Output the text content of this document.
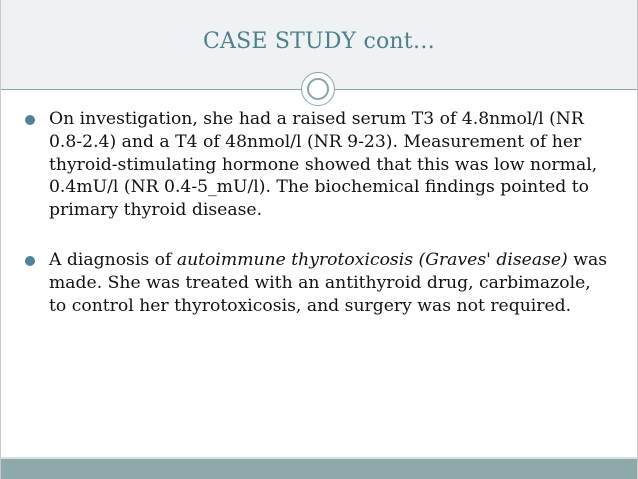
CASE STUDY cont…
On investigation, she had a raised serum T3 of 4.8nmol/l (NR 0.8-2.4) and a T4 of 48nmol/l (NR 9-23). Measurement of her thyroid-stimulating hormone showed that this was low normal, 0.4mU/l (NR 0.4-5_mU/l). The biochemical findings pointed to primary thyroid disease.
A diagnosis of autoimmune thyrotoxicosis (Graves' disease) was made. She was treated with an antithyroid drug, carbimazole, to control her thyrotoxicosis, and surgery was not required.
